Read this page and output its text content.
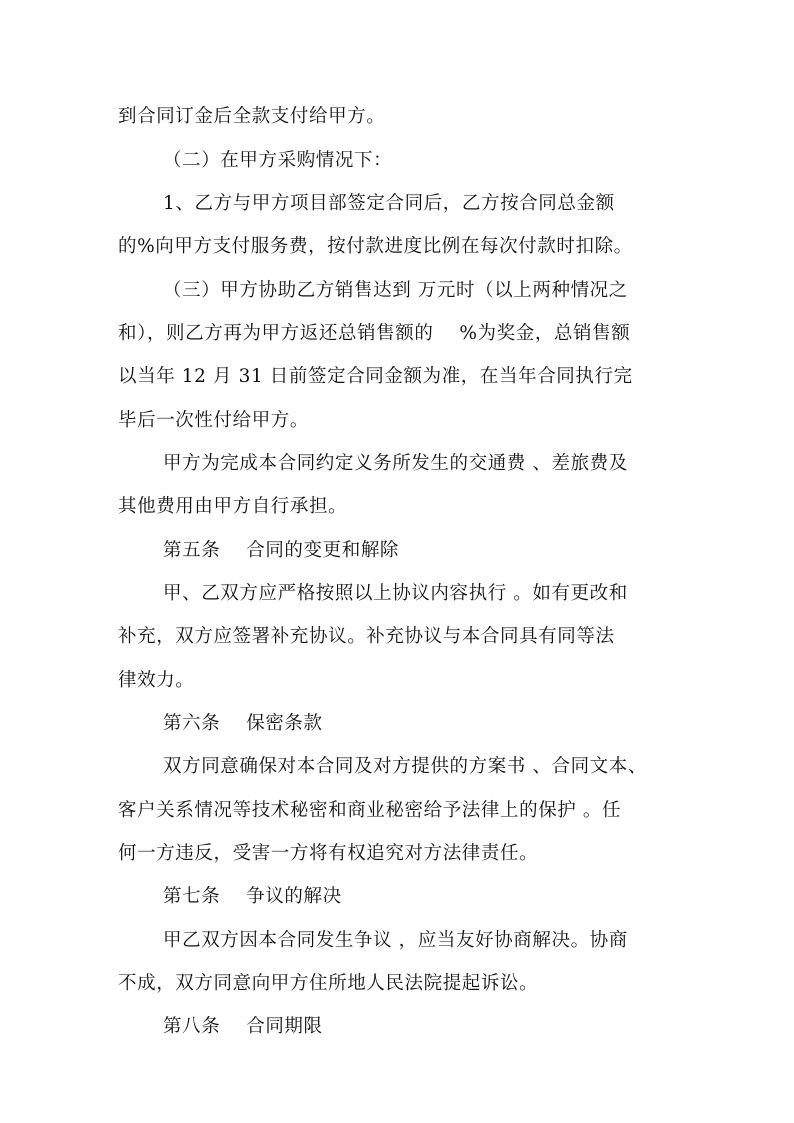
到合同订金后全款支付给甲方。
（二）在甲方采购情况下：
1、乙方与甲方项目部签定合同后，乙方按合同总金额
的%向甲方支付服务费，按付款进度比例在每次付款时扣除。
（三）甲方协助乙方销售达到 万元时（以上两种情况之
和），则乙方再为甲方返还总销售额的    %为奖金，总销售额
以当年 12 月 31 日前签定合同金额为准，在当年合同执行完
毕后一次性付给甲方。
甲方为完成本合同约定义务所发生的交通费 、差旅费及
其他费用由甲方自行承担。
第五条    合同的变更和解除
甲、乙双方应严格按照以上协议内容执行 。如有更改和
补充，双方应签署补充协议。补充协议与本合同具有同等法
律效力。
第六条    保密条款
双方同意确保对本合同及对方提供的方案书 、合同文本、
客户关系情况等技术秘密和商业秘密给予法律上的保护 。任
何一方违反，受害一方将有权追究对方法律责任。
第七条    争议的解决
甲乙双方因本合同发生争议 ，应当友好协商解决。协商
不成，双方同意向甲方住所地人民法院提起诉讼。
第八条    合同期限
